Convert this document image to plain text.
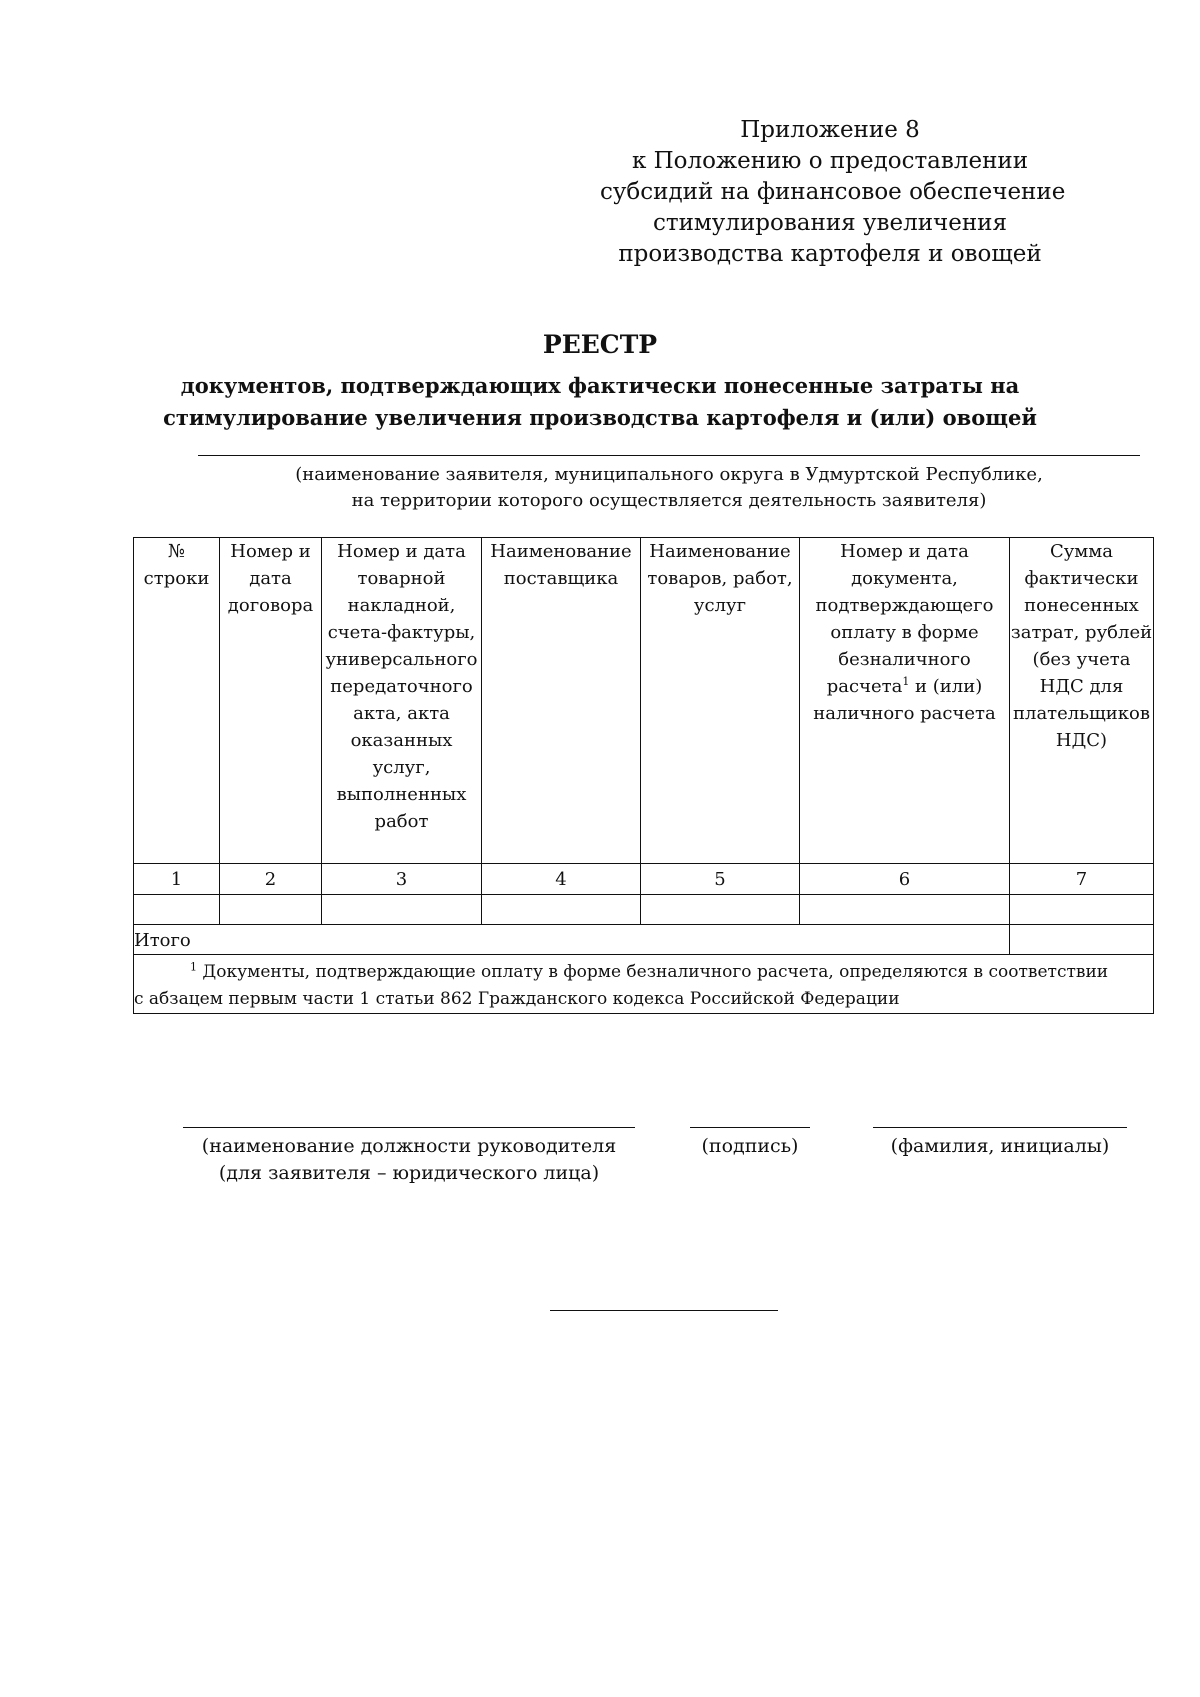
Приложение 8
к Положению о предоставлении
субсидий на финансовое обеспечение
стимулирования увеличения
производства картофеля и овощей
РЕЕСТР
документов, подтверждающих фактически понесенные затраты на
стимулирование увеличения производства картофеля и (или) овощей
(наименование заявителя, муниципального округа в Удмуртской Республике,
на территории которого осуществляется деятельность заявителя)
№ строки	Номер и дата договора	Номер и дата товарной накладной, счета-фактуры, универсального передаточного акта, акта оказанных услуг, выполненных работ	Наименование поставщика	Наименование товаров, работ, услуг	Номер и дата документа, подтверждающего оплату в форме безналичного расчета$^1$ и (или) наличного расчета	Сумма фактически понесенных затрат, рублей (без учета НДС для плательщиков НДС)
1	2	3	4	5	6	7

Итого						

$^1$ Документы, подтверждающие оплату в форме безналичного расчета, определяются в соответствии
с абзацем первым части 1 статьи 862 Гражданского кодекса Российской Федерации						
(наименование должности руководителя
(для заявителя – юридического лица)
(подпись)	(фамилия, инициалы)
